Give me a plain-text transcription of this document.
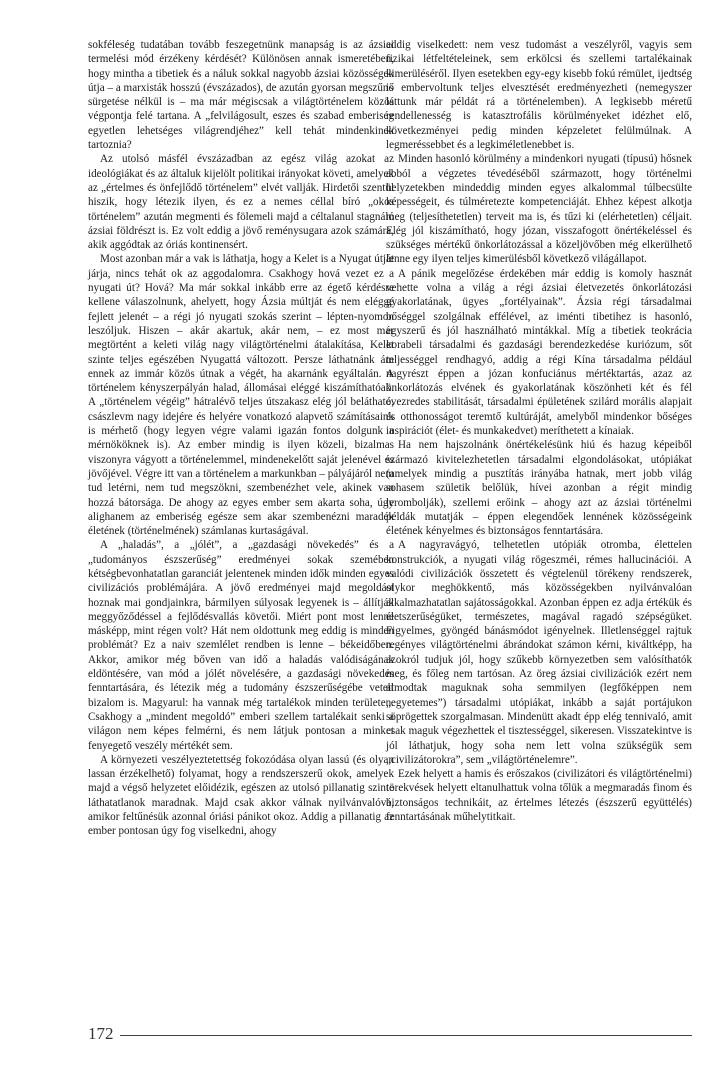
sokféleség tudatában tovább feszegetnünk manapság is az ázsiai termelési mód érzékeny kérdését? Különösen annak ismeretében, hogy mintha a tibetiek és a náluk sokkal nagyobb ázsiai közösségek útja – a marxisták hosszú (évszázados), de azután gyorsan megszűnő sürgetése nélkül is – ma már mégiscsak a világtörténelem közös végpontja felé tartana. A „felvilágosult, eszes és szabad emberiség egyetlen lehetséges világrendjéhez” kell tehát mindenkinek tartoznia?

Az utolsó másfél évszázadban az egész világ azokat az ideológiákat és az általuk kijelölt politikai irányokat követi, amelyek az „értelmes és önfejlődő történelem” elvét vallják. Hirdetői szentül hiszik, hogy létezik ilyen, és ez a nemes céllal bíró „okos történelem” azután megmenti és fölemeli majd a céltalanul stagnáló ázsiai földrészt is. Ez volt eddig a jövő reménysugara azok számára, akik aggódtak az óriás kontinensért.

Most azonban már a vak is láthatja, hogy a Kelet is a Nyugat útját járja, nincs tehát ok az aggodalomra. Csakhogy hová vezet ez a nyugati út? Hová? Ma már sokkal inkább erre az égető kérdésre kellene válaszolnunk, ahelyett, hogy Ázsia múltját és nem eléggé fejlett jelenét – a régi jó nyugati szokás szerint – lépten-nyomon leszóljuk. Hiszen – akár akartuk, akár nem, – ez most már megtörtént a keleti világ nagy világtörténelmi átalakítása, Kelet szinte teljes egészében Nyugattá változott. Persze láthatnánk ám ennek az immár közös útnak a végét, ha akarnánk egyáltalán. A történelem kényszerpályán halad, állomásai eléggé kiszámíthatóak. A „történelem végéig” hátralévő teljes útszakasz elég jól belátható, császlevm nagy idejére és helyére vonatkozó alapvető számításaink is mérhető (hogy legyen végre valami igazán fontos dolgunk a mérnököknek is). Az ember mindig is ilyen közeli, bizalmas viszonyra vágyott a történelemmel, mindenekelőtt saját jelenével és jövőjével. Végre itt van a történelem a markunkban – pályájáról nem tud letérni, nem tud megszökni, szembenézhet vele, akinek van hozzá bátorsága. De ahogy az egyes ember sem akarta soha, úgy alighanem az emberiség egésze sem akar szembenézni maradék életének (történelmének) számlanas kurtaságával.

A „haladás”, a „jólét”, a „gazdasági növekedés” és a „tudományos észszerűség” eredményei sokak szemében kétségbevonhatatlan garanciát jelentenek minden idők minden egyes civilizációs problémájára. A jövő eredményei majd megoldást hoznak mai gondjainkra, bármilyen súlyosak legyenek is – állítják meggyőződéssel a fejlődésvallás követői. Miért pont most lenne másképp, mint régen volt? Hát nem oldottunk meg eddig is minden problémát? Ez a naiv szemlélet rendben is lenne – békeidőben. Akkor, amikor még bőven van idő a haladás valódiságának eldöntésére, van mód a jólét növelésére, a gazdasági növekedés fenntartására, és létezik még a tudomány észszerűségébe vetett bizalom is. Magyarul: ha vannak még tartalékok minden területen. Csakhogy a „mindent megoldó” emberi szellem tartalékait senki a világon nem képes felmérni, és nem látjuk pontosan a minket fenyegető veszély mértékét sem.

A környezeti veszélyeztetettség fokozódása olyan lassú (és olyan lassan érzékelhető) folyamat, hogy a rendszerszerű okok, amelyek majd a végső helyzetet előidézik, egészen az utolsó pillanatig szinte láthatatlanok maradnak. Majd csak akkor válnak nyilvánvalóvá, amikor feltűnésük azonnal óriási pánikot okoz. Addig a pillanatig az ember pontosan úgy fog viselkedni, ahogy

eddig viselkedett: nem vesz tudomást a veszélyről, vagyis sem fizikai létfeltételeinek, sem erkölcsi és szellemi tartalékainak kimerüléséről. Ilyen esetekben egy-egy kisebb fokú rémület, ijedtség is embervoltunk teljes elvesztését eredményezheti (nemegyszer láttunk már példát rá a történelemben). A legkisebb méretű rendellenesség is katasztrofális körülményeket idézhet elő, következményei pedig minden képzeletet felülmúlnak. A legmeréssebbet és a legkiméletlenebbet is.

Minden hasonló körülmény a mindenkori nyugati (típusú) hősnek abból a végzetes tévedéséből származott, hogy történelmi helyzetekben mindeddig minden egyes alkalommal túlbecsülte képességeit, és túlméretezte kompetenciáját. Ehhez képest alkotja meg (teljesíthetetlen) terveit ma is, és tűzi ki (elérhetetlen) céljait. Elég jól kiszámítható, hogy józan, visszafogott önértékeléssel és szükséges mértékű önkorlátozással a közeljövőben még elkerülhető lenne egy ilyen teljes kimerülésből következő világállapot.

A pánik megelőzése érdekében már eddig is komoly hasznát vehette volna a világ a régi ázsiai életvezetés önkorlátozási gyakorlatának, ügyes „fortélyainak”. Ázsia régi társadalmai bőséggel szolgálnak effélével, az iménti tibetihez is hasonló, egyszerű és jól használható mintákkal. Míg a tibetiek teokrácia korabeli társadalmi és gazdasági berendezkedése kuriózum, sőt teljességgel rendhagyó, addig a régi Kína társadalma például nagyrészt éppen a józan konfuciánus mértéktartás, azaz az önkorlátozás elvének és gyakorlatának köszönheti két és fél évezredes stabilitását, társadalmi épületének szilárd morális alapjait és otthonosságot teremtő kultúráját, amelyből mindenkor bőséges inspirációt (élet- és munkakedvet) meríthetett a kínaiak.

Ha nem hajszolnánk önértékelésünk hiú és hazug képeiből származó kivitelezhetetlen társadalmi elgondolásokat, utópiákat (amelyek mindig a pusztítás irányába hatnak, mert jobb világ sohasem születik belőlük, hívei azonban a régit mindig lerombolják), szellemi erőink – ahogy azt az ázsiai történelmi példák mutatják – éppen elegendőek lennének közösségeink életének kényelmes és biztonságos fenntartására.

A nagyravágyó, telhetetlen utópiák otromba, élettelen konstrukciók, a nyugati világ rögeszméi, rémes hallucinációi. A valódi civilizációk összetett és végtelenül törékeny rendszerek, olykor meghökkentő, más közösségekben nyilvánvalóan alkalmazhatatlan sajátosságokkal. Azonban éppen ez adja értékük és életszerűségüket, természetes, magával ragadó szépségüket. Figyelmes, gyöngéd bánásmódot igényelnek. Illetlenséggel rajtuk regényes világtörténelmi ábrándokat számon kérni, kiváltképp, ha azokról tudjuk jól, hogy szűkebb környezetben sem valósíthatók meg, és főleg nem tartósan. Az öreg ázsiai civilizációk ezért nem álmodtak maguknak soha semmilyen (legfőképpen nem „egyetemes”) társadalmi utópiákat, inkább a saját portájukon söprögettek szorgalmasan. Mindenütt akadt épp elég tennivaló, amit csak maguk végezhettek el tisztességgel, sikeresen. Visszatekintve is jól láthatjuk, hogy soha nem lett volna szükségük sem „civilizátorokra”, sem „világtörténelemre”.

Ezek helyett a hamis és erőszakos (civilizátori és világtörténelmi) törekvések helyett eltanulhattuk volna tőlük a megmaradás finom és biztonságos technikáit, az értelmes létezés (észszerű együttélés) fenntartásának műhelytitkait.

172
